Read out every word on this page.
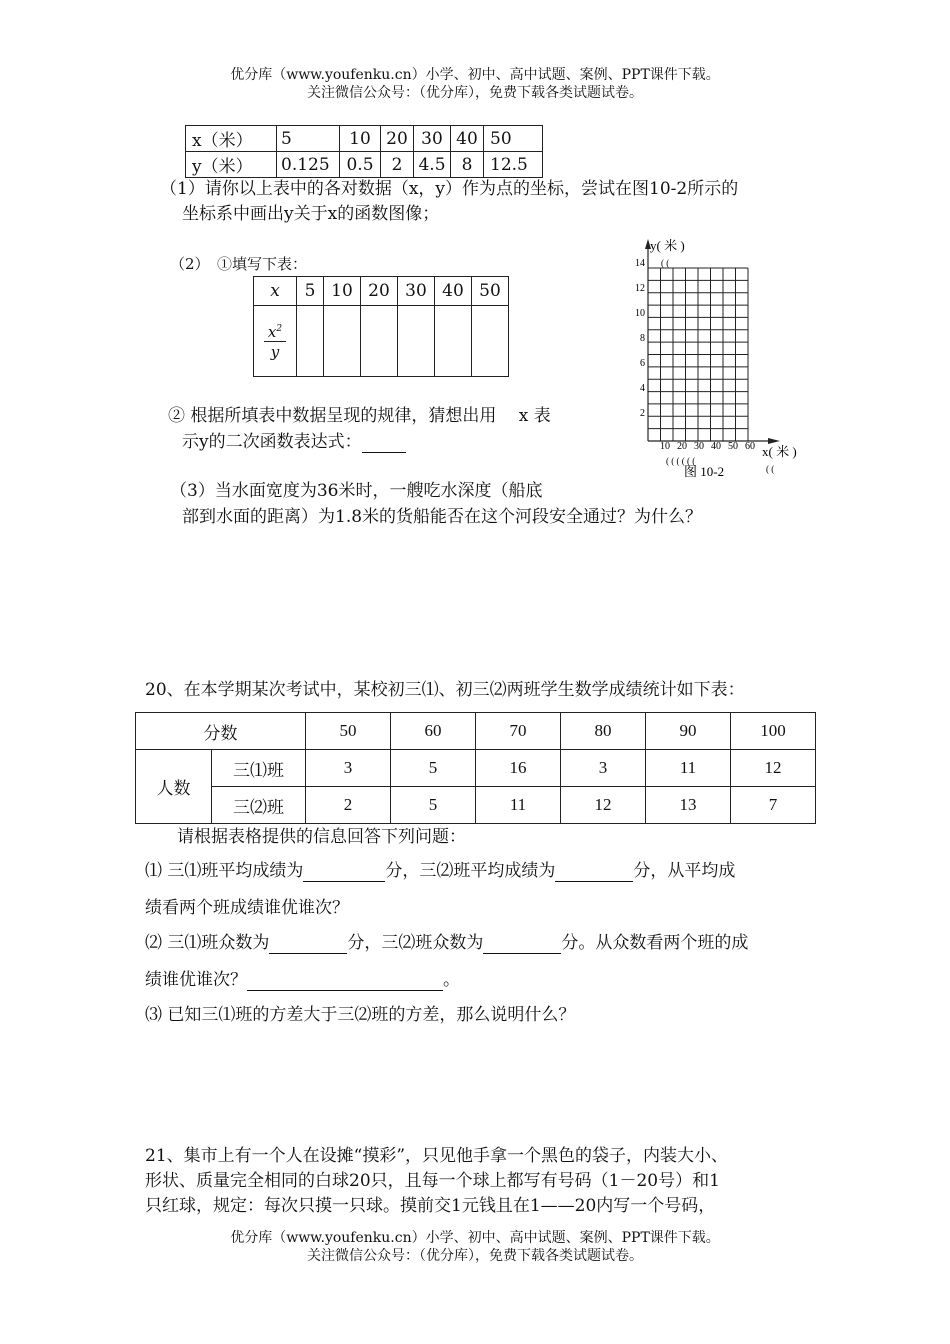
优分库（www.youfenku.cn）小学、初中、高中试题、案例、PPT课件下载。
关注微信公众号：（优分库），免费下载各类试题试卷。
x（米）	5	10	20	30	40	50
y（米）	0.125	0.5	2	4.5	8	12.5
（1）请你以上表中的各对数据（x，y）作为点的坐标，尝试在图10-2所示的
坐标系中画出y关于x的函数图像；
（2）　①填写下表：
x	5	10	20	30	40	50

$\frac{x^2}{y}$

② 根据所填表中数据呈现的规律，猜想出用　 x 表
示y的二次函数表达式：
（3）当水面宽度为36米时，一艘吃水深度（船底
部到水面的距离）为1.8米的货船能否在这个河段安全通过？为什么？
y( 米 )
x( 米 )
( (
( ( ( ( ( (
( (
14
12
10
8
6
4
2
10 20 30 40 50 60
图 10-2
20、在本学期某次考试中，某校初三⑴、初三⑵两班学生数学成绩统计如下表：
分数		50	60	70	80	90	100
人数	三⑴班	3	5	16	3	11	12
	三⑵班	2	5	11	12	13	7
请根据表格提供的信息回答下列问题：
⑴ 三⑴班平均成绩为	分，三⑵班平均成绩为	分，从平均成
绩看两个班成绩谁优谁次？
⑵ 三⑴班众数为	分，三⑵班众数为	分。从众数看两个班的成
绩谁优谁次？	。
⑶ 已知三⑴班的方差大于三⑵班的方差，那么说明什么？
21、集市上有一个人在设摊“摸彩”，只见他手拿一个黑色的袋子，内装大小、
形状、质量完全相同的白球20只，且每一个球上都写有号码（1－20号）和1
只红球，规定：每次只摸一只球。摸前交1元钱且在1——20内写一个号码，
优分库（www.youfenku.cn）小学、初中、高中试题、案例、PPT课件下载。
关注微信公众号：（优分库），免费下载各类试题试卷。
